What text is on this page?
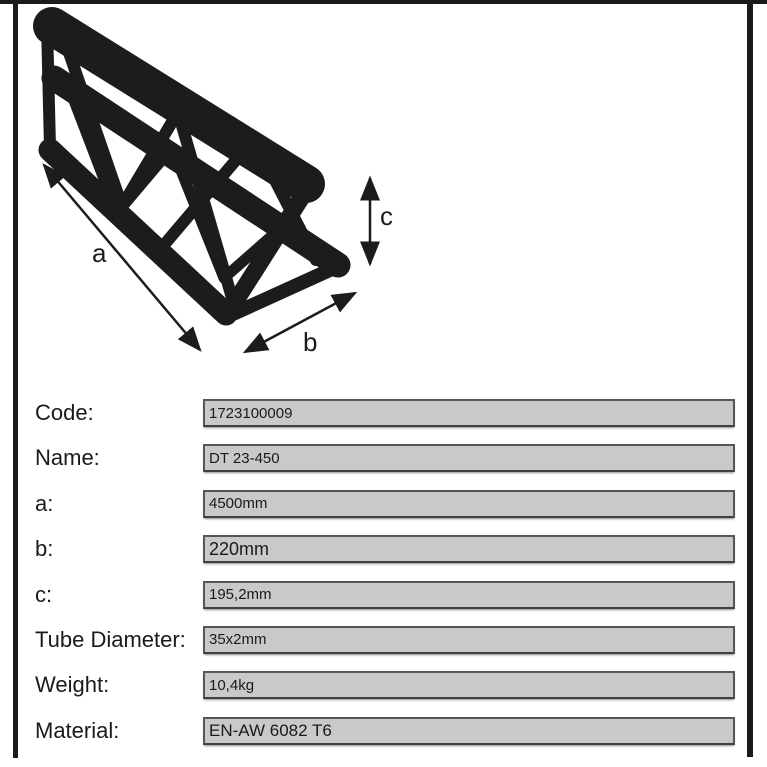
a
b
c
Code:	1723100009
Name:	DT 23-450
a:	4500mm
b:	220mm
c:	195,2mm
Tube Diameter:	35x2mm
Weight:	10,4kg
Material:	EN-AW 6082 T6
